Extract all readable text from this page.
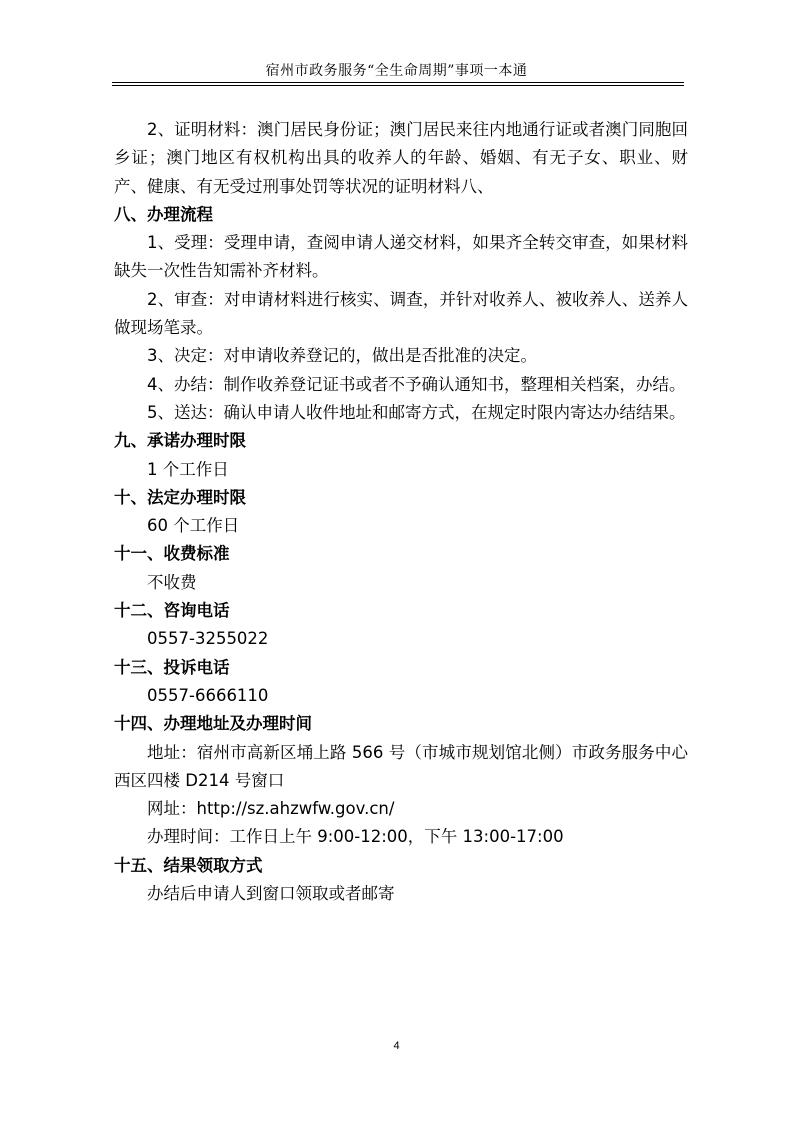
宿州市政务服务“全生命周期”事项一本通

2、证明材料：澳门居民身份证；澳门居民来往内地通行证或者澳门同胞回乡证；澳门地区有权机构出具的收养人的年龄、婚姻、有无子女、职业、财产、健康、有无受过刑事处罚等状况的证明材料八、

八、办理流程

1、受理：受理申请，查阅申请人递交材料，如果齐全转交审查，如果材料缺失一次性告知需补齐材料。

2、审查：对申请材料进行核实、调查，并针对收养人、被收养人、送养人做现场笔录。

3、决定：对申请收养登记的，做出是否批准的决定。

4、办结：制作收养登记证书或者不予确认通知书，整理相关档案，办结。

5、送达：确认申请人收件地址和邮寄方式，在规定时限内寄达办结结果。

九、承诺办理时限

1 个工作日

十、法定办理时限

60 个工作日

十一、收费标准

不收费

十二、咨询电话

0557-3255022

十三、投诉电话

0557-6666110

十四、办理地址及办理时间

地址：宿州市高新区埇上路 566 号（市城市规划馆北侧）市政务服务中心西区四楼 D214 号窗口

网址：http://sz.ahzwfw.gov.cn/

办理时间：工作日上午 9:00-12:00，下午 13:00-17:00

十五、结果领取方式

办结后申请人到窗口领取或者邮寄

4
